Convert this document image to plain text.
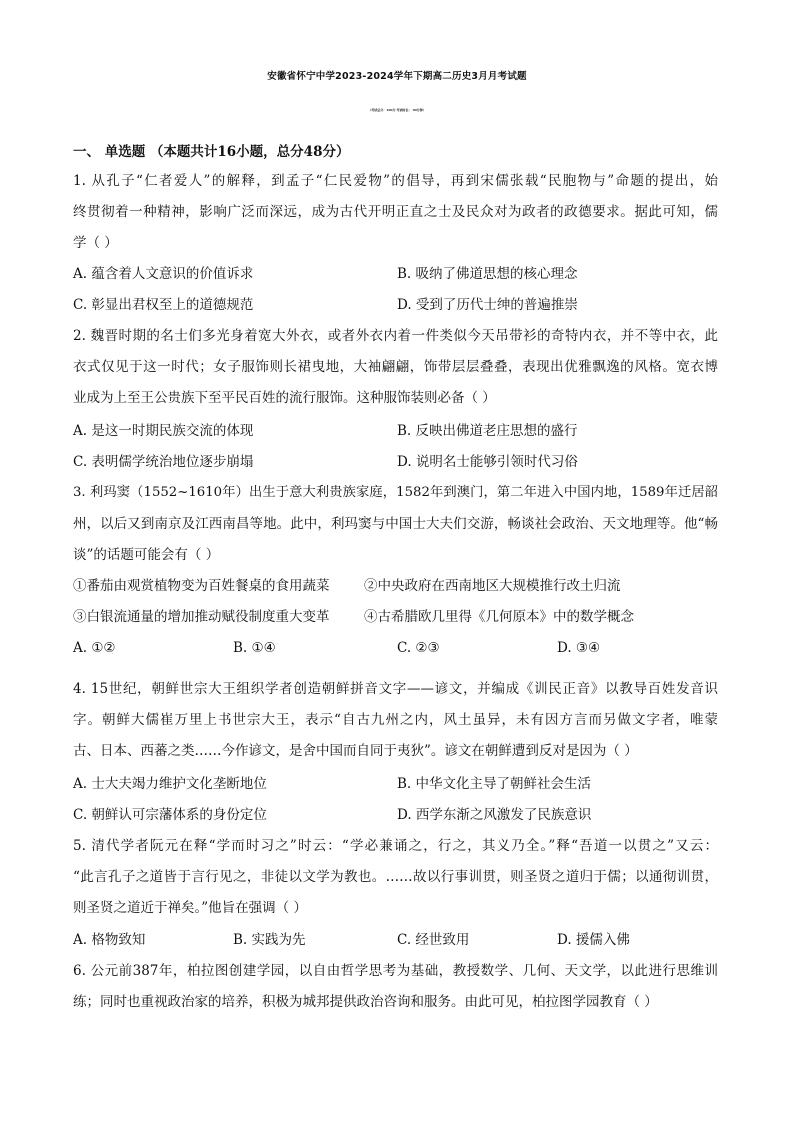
安徽省怀宁中学2023-2024学年下期高二历史3月月考试题
（考试总分：100分 考试时长： 90分钟）
一、 单选题 （本题共计16小题，总分48分）
1. 从孔子“仁者爱人”的解释，到孟子“仁民爱物”的倡导，再到宋儒张载“民胞物与”命题的提出，始
终贯彻着一种精神，影响广泛而深远，成为古代开明正直之士及民众对为政者的政德要求。据此可知，儒
学（ ）
A. 蕴含着人文意识的价值诉求	B. 吸纳了佛道思想的核心理念
C. 彰显出君权至上的道德规范	D. 受到了历代士绅的普遍推崇
2. 魏晋时期的名士们多光身着宽大外衣，或者外衣内着一件类似今天吊带衫的奇特内衣，并不等中衣，此
衣式仅见于这一时代；女子服饰则长裙曳地，大袖翩翩，饰带层层叠叠，表现出优雅飘逸的风格。宽衣博
业成为上至王公贵族下至平民百姓的流行服饰。这种服饰装则必备（ ）
A. 是这一时期民族交流的体现	B. 反映出佛道老庄思想的盛行
C. 表明儒学统治地位逐步崩塌	D. 说明名士能够引领时代习俗
3. 利玛窦（1552~1610年）出生于意大利贵族家庭，1582年到澳门，第二年进入中国内地，1589年迁居韶
州，以后又到南京及江西南昌等地。此中，利玛窦与中国士大夫们交游，畅谈社会政治、天文地理等。他“畅
谈”的话题可能会有（ ）
①番茄由观赏植物变为百姓餐桌的食用蔬菜	②中央政府在西南地区大规模推行改土归流
③白银流通量的增加推动赋役制度重大变革	④古希腊欧几里得《几何原本》中的数学概念
A. ①②	B. ①④	C. ②③	D. ③④
4. 15世纪，朝鲜世宗大王组织学者创造朝鲜拼音文字——谚文，并编成《训民正音》以教导百姓发音识
字。朝鲜大儒崔万里上书世宗大王，表示“自古九州之内，风土虽异，未有因方言而另做文字者，唯蒙
古、日本、西蕃之类……今作谚文，是舍中国而自同于夷狄”。谚文在朝鲜遭到反对是因为（ ）
A. 士大夫竭力维护文化垄断地位	B. 中华文化主导了朝鲜社会生活
C. 朝鲜认可宗藩体系的身份定位	D. 西学东渐之风激发了民族意识
5. 清代学者阮元在释“学而时习之”时云：“学必兼诵之，行之，其义乃全。”释“吾道一以贯之”又云：
“此言孔子之道皆于言行见之，非徒以文学为教也。……故以行事训贯，则圣贤之道归于儒；以通彻训贯，
则圣贤之道近于禅矣。”他旨在强调（ ）
A. 格物致知	B. 实践为先	C. 经世致用	D. 援儒入佛
6. 公元前387年，柏拉图创建学园，以自由哲学思考为基础，教授数学、几何、天文学，以此进行思维训
练；同时也重视政治家的培养，积极为城邦提供政治咨询和服务。由此可见，柏拉图学园教育（ ）
